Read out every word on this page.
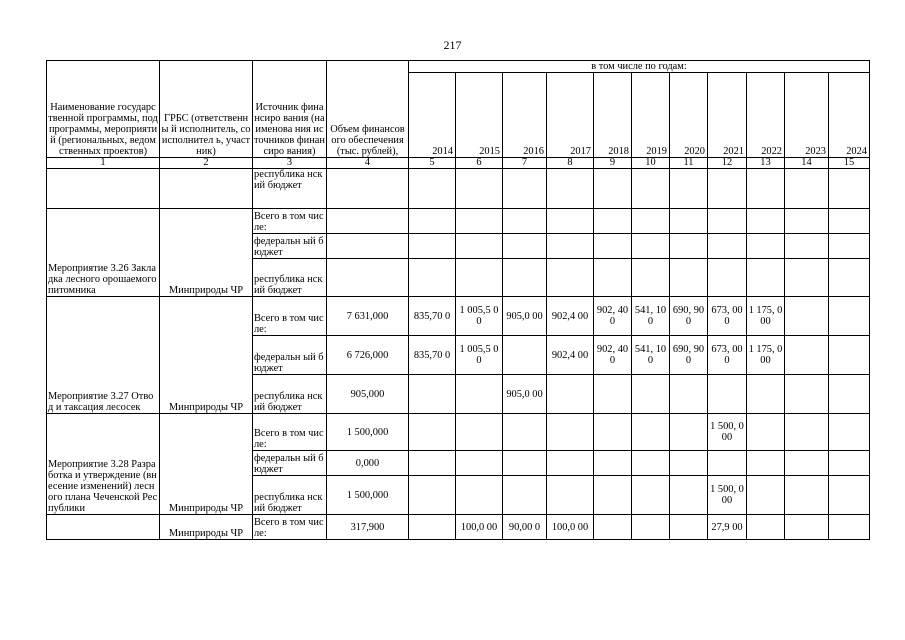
217
Наименование государственной программы, подпрограммы, мероприятий (региональных, ведомственных проектов)	ГРБС (ответственны й исполнитель, соисполнител ь, участник)	Источник финансиро вания (наименова ния источников финансиро вания)	Объем финансового обеспечения (тыс. рублей),	в том числе по годам:										
				2014	2015	2016	2017	2018	2019	2020	2021	2022	2023	2024
1	2	3	4	5	6	7	8	9	10	11	12	13	14	15
		республика нский бюджет												
Мероприятие 3.26 Закладка лесного орошаемого питомника	Минприроды ЧР	Всего в том числе:												
		федеральн ый бюджет												
		республика нский бюджет												
Мероприятие 3.27 Отвод и таксация лесосек	Минприроды ЧР	Всего в том числе:	7 631,000	835,70 0	1 005,5 00	905,0 00	902,4 00	902, 400	541, 100	690, 900	673, 000	1 175, 000		
		федеральн ый бюджет	6 726,000	835,70 0	1 005,5 00		902,4 00	902, 400	541, 100	690, 900	673, 000	1 175, 000		
		республика нский бюджет	905,000			905,0 00								
Мероприятие 3.28 Разработка и утверждение (внесение изменений) лесного плана Чеченской Республики	Минприроды ЧР	Всего в том числе:	1 500,000								1 500, 000			
		федеральн ый бюджет	0,000											
		республика нский бюджет	1 500,000								1 500, 000			
	Минприроды ЧР	Всего в том числе:	317,900		100,0 00	90,00 0	100,0 00				27,9 00			
